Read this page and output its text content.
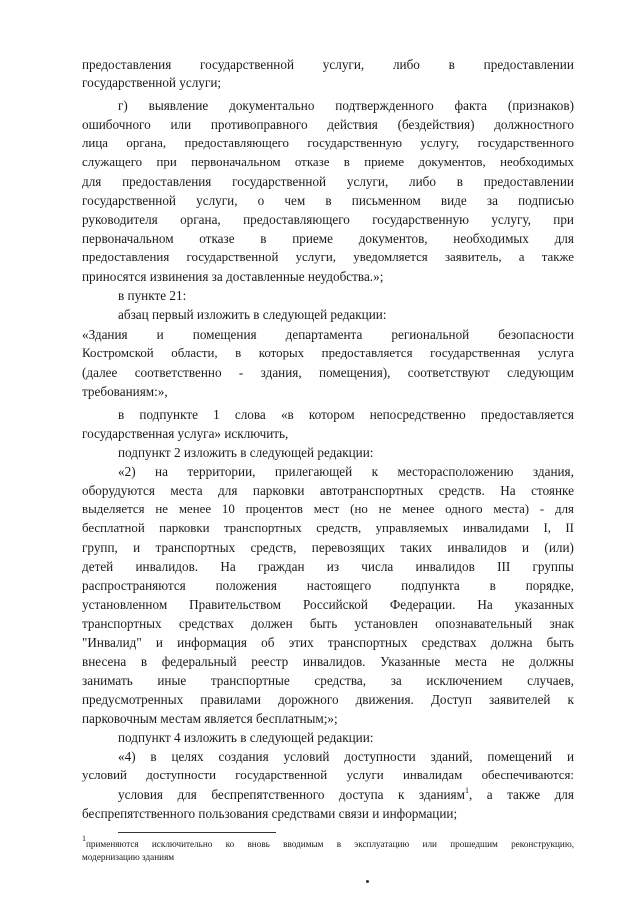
предоставления государственной услуги, либо в предоставлении
государственной услуги;
г) выявление документально подтвержденного факта (признаков)
ошибочного или противоправного действия (бездействия) должностного
лица органа, предоставляющего государственную услугу, государственного
служащего при первоначальном отказе в приеме документов, необходимых
для предоставления государственной услуги, либо в предоставлении
государственной услуги, о чем в письменном виде за подписью
руководителя органа, предоставляющего государственную услугу, при
первоначальном отказе в приеме документов, необходимых для
предоставления государственной услуги, уведомляется заявитель, а также
приносятся извинения за доставленные неудобства.»;
в пункте 21:
абзац первый изложить в следующей редакции:
«Здания и помещения департамента региональной безопасности
Костромской области, в которых предоставляется государственная услуга
(далее соответственно - здания, помещения), соответствуют следующим
требованиям:»,
в подпункте 1 слова «в котором непосредственно предоставляется
государственная услуга» исключить,
подпункт 2 изложить в следующей редакции:
«2) на территории, прилегающей к месторасположению здания,
оборудуются места для парковки автотранспортных средств. На стоянке
выделяется не менее 10 процентов мест (но не менее одного места) - для
бесплатной парковки транспортных средств, управляемых инвалидами I, II
групп, и транспортных средств, перевозящих таких инвалидов и (или)
детей инвалидов. На граждан из числа инвалидов III группы
распространяются положения настоящего подпункта в порядке,
установленном Правительством Российской Федерации. На указанных
транспортных средствах должен быть установлен опознавательный знак
"Инвалид" и информация об этих транспортных средствах должна быть
внесена в федеральный реестр инвалидов. Указанные места не должны
занимать иные транспортные средства, за исключением случаев,
предусмотренных правилами дорожного движения. Доступ заявителей к
парковочным местам является бесплатным;»;
подпункт 4 изложить в следующей редакции:
«4) в целях создания условий доступности зданий, помещений и
условий доступности государственной услуги инвалидам обеспечиваются:
условия для беспрепятственного доступа к зданиям$^1$, а также для
беспрепятственного пользования средствами связи и информации;
$^1$применяются исключительно ко вновь вводимым в эксплуатацию или прошедшим реконструкцию,
модернизацию зданиям
